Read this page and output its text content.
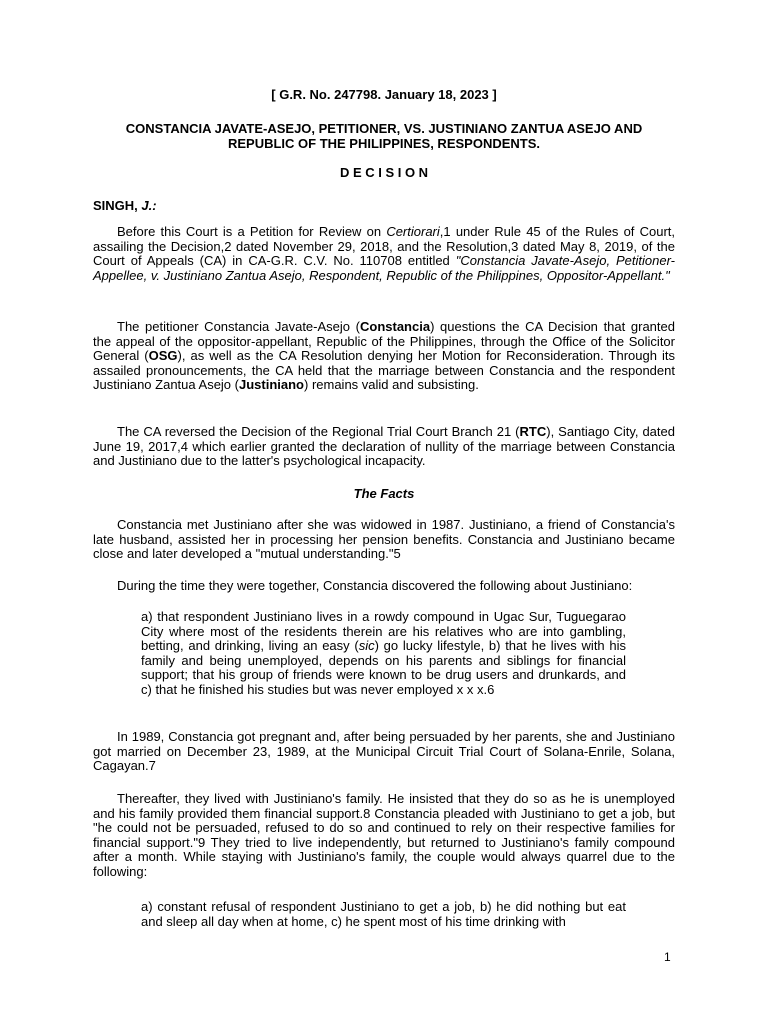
[ G.R. No. 247798. January 18, 2023 ]

CONSTANCIA JAVATE-ASEJO, PETITIONER, VS. JUSTINIANO ZANTUA ASEJO AND
REPUBLIC OF THE PHILIPPINES, RESPONDENTS.

D E C I S I O N

SINGH, J.:

Before this Court is a Petition for Review on Certiorari,1 under Rule 45 of the Rules of Court, assailing the Decision,2 dated November 29, 2018, and the Resolution,3 dated May 8, 2019, of the Court of Appeals (CA) in CA-G.R. C.V. No. 110708 entitled "Constancia Javate-Asejo, Petitioner-Appellee, v. Justiniano Zantua Asejo, Respondent, Republic of the Philippines, Oppositor-Appellant."

The petitioner Constancia Javate-Asejo (Constancia) questions the CA Decision that granted the appeal of the oppositor-appellant, Republic of the Philippines, through the Office of the Solicitor General (OSG), as well as the CA Resolution denying her Motion for Reconsideration. Through its assailed pronouncements, the CA held that the marriage between Constancia and the respondent Justiniano Zantua Asejo (Justiniano) remains valid and subsisting.

The CA reversed the Decision of the Regional Trial Court Branch 21 (RTC), Santiago City, dated June 19, 2017,4 which earlier granted the declaration of nullity of the marriage between Constancia and Justiniano due to the latter's psychological incapacity.

The Facts

Constancia met Justiniano after she was widowed in 1987. Justiniano, a friend of Constancia's late husband, assisted her in processing her pension benefits. Constancia and Justiniano became close and later developed a "mutual understanding."5

During the time they were together, Constancia discovered the following about Justiniano:

a) that respondent Justiniano lives in a rowdy compound in Ugac Sur, Tuguegarao City where most of the residents therein are his relatives who are into gambling, betting, and drinking, living an easy (sic) go lucky lifestyle, b) that he lives with his family and being unemployed, depends on his parents and siblings for financial support; that his group of friends were known to be drug users and drunkards, and c) that he finished his studies but was never employed x x x.6

In 1989, Constancia got pregnant and, after being persuaded by her parents, she and Justiniano got married on December 23, 1989, at the Municipal Circuit Trial Court of Solana-Enrile, Solana, Cagayan.7

Thereafter, they lived with Justiniano's family. He insisted that they do so as he is unemployed and his family provided them financial support.8 Constancia pleaded with Justiniano to get a job, but "he could not be persuaded, refused to do so and continued to rely on their respective families for financial support."9 They tried to live independently, but returned to Justiniano's family compound after a month. While staying with Justiniano's family, the couple would always quarrel due to the following:

a) constant refusal of respondent Justiniano to get a job, b) he did nothing but eat and sleep all day when at home, c) he spent most of his time drinking with

1
